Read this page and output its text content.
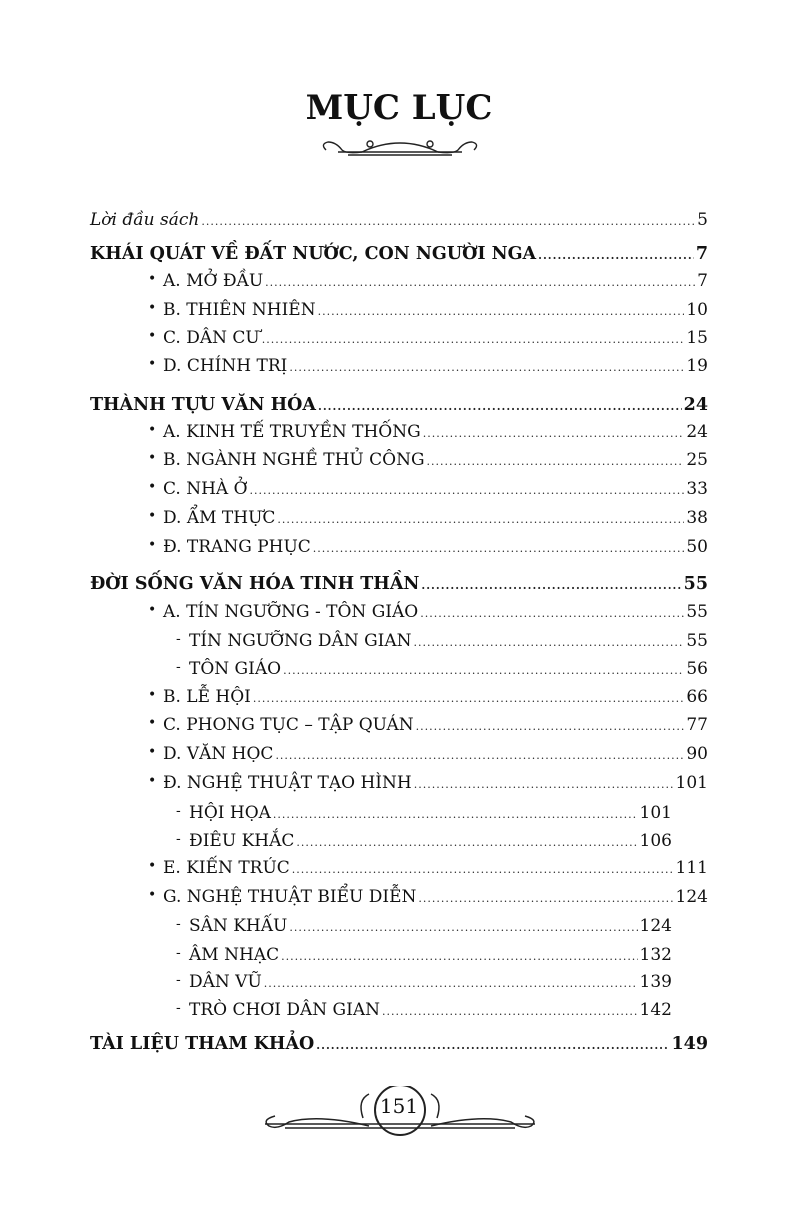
MỤC LỤC
Lời đầu sách .....	5
KHÁI QUÁT VỀ ĐẤT NƯỚC, CON NGƯỜI NGA .....	7
A. MỞ ĐẦU .....	7
•
B. THIÊN NHIÊN .....	10
•
C. DÂN CƯ .....	15
•
D. CHÍNH TRỊ .....	19
•
THÀNH TỰU VĂN HÓA .....	24
A. KINH TẾ TRUYỀN THỐNG .....	24
•
B. NGÀNH NGHỀ THỦ CÔNG .....	25
•
C. NHÀ Ở .....	33
•
D. ẨM THỰC .....	38
•
Đ. TRANG PHỤC .....	50
•
ĐỜI SỐNG VĂN HÓA TINH THẦN .....	55
A. TÍN NGƯỠNG - TÔN GIÁO .....	55
•
TÍN NGƯỠNG DÂN GIAN .....	55
-
TÔN GIÁO .....	56
-
B. LỄ HỘI .....	66
•
C. PHONG TỤC – TẬP QUÁN .....	77
•
D. VĂN HỌC .....	90
•
Đ. NGHỆ THUẬT TẠO HÌNH .....	101
•
HỘI HỌA .....	101
-
ĐIÊU KHẮC .....	106
-
E. KIẾN TRÚC .....	111
•
G. NGHỆ THUẬT BIỂU DIỄN .....	124
•
SÂN KHẤU .....	124
-
ÂM NHẠC .....	132
-
DÂN VŨ .....	139
-
TRÒ CHƠI DÂN GIAN .....	142
-
TÀI LIỆU THAM KHẢO .....	149
151
